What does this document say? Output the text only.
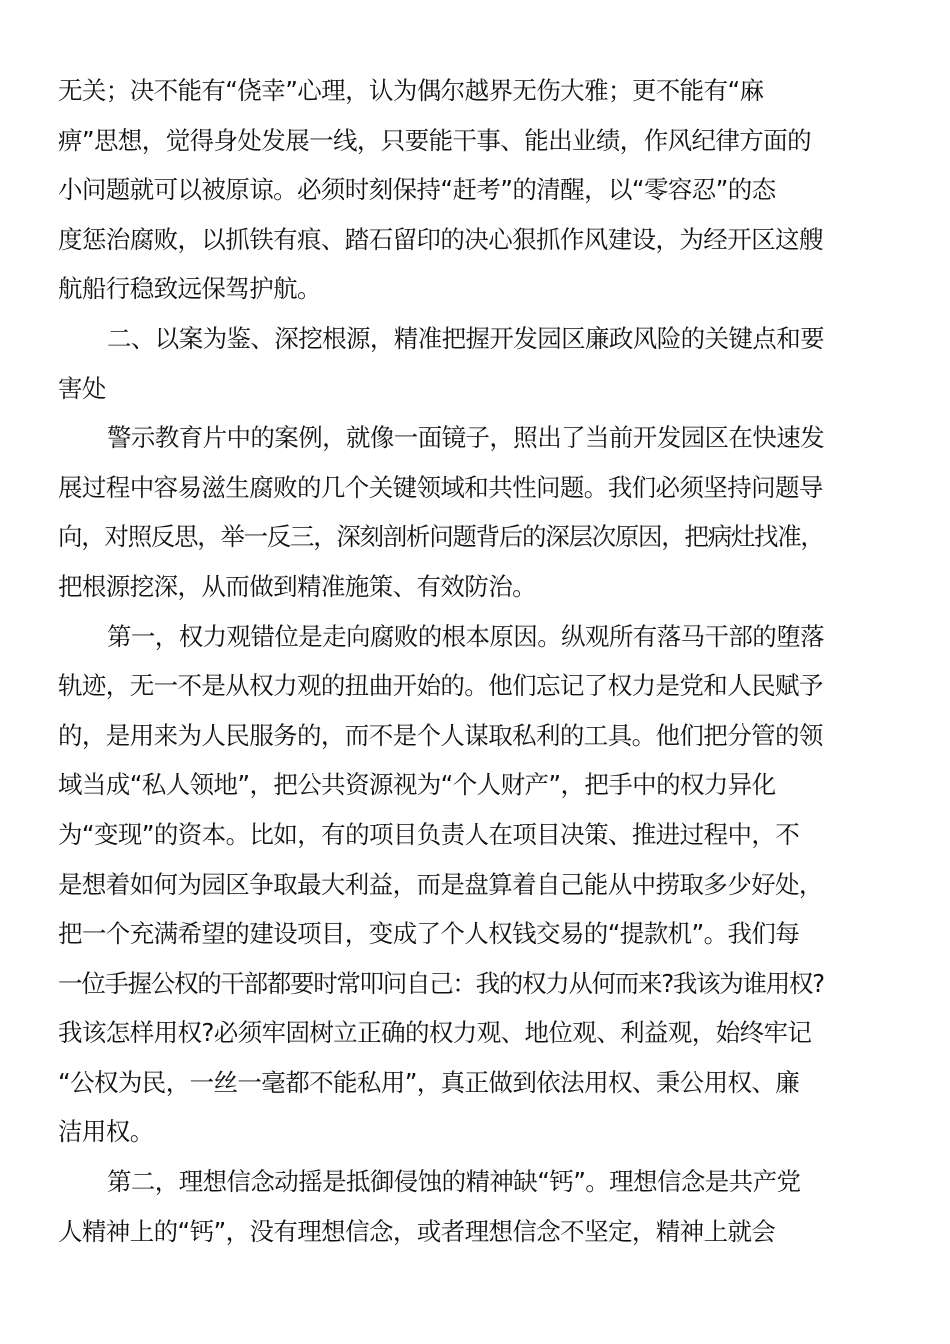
无关；决不能有“侥幸”心理，认为偶尔越界无伤大雅；更不能有“麻
痹”思想，觉得身处发展一线，只要能干事、能出业绩，作风纪律方面的
小问题就可以被原谅。必须时刻保持“赶考”的清醒，以“零容忍”的态
度惩治腐败，以抓铁有痕、踏石留印的决心狠抓作风建设，为经开区这艘
航船行稳致远保驾护航。
二、以案为鉴、深挖根源，精准把握开发园区廉政风险的关键点和要
害处
警示教育片中的案例，就像一面镜子，照出了当前开发园区在快速发
展过程中容易滋生腐败的几个关键领域和共性问题。我们必须坚持问题导
向，对照反思，举一反三，深刻剖析问题背后的深层次原因，把病灶找准，
把根源挖深，从而做到精准施策、有效防治。
第一，权力观错位是走向腐败的根本原因。纵观所有落马干部的堕落
轨迹，无一不是从权力观的扭曲开始的。他们忘记了权力是党和人民赋予
的，是用来为人民服务的，而不是个人谋取私利的工具。他们把分管的领
域当成“私人领地”，把公共资源视为“个人财产”，把手中的权力异化
为“变现”的资本。比如，有的项目负责人在项目决策、推进过程中，不
是想着如何为园区争取最大利益，而是盘算着自己能从中捞取多少好处，
把一个充满希望的建设项目，变成了个人权钱交易的“提款机”。我们每
一位手握公权的干部都要时常叩问自己：我的权力从何而来?我该为谁用权?
我该怎样用权?必须牢固树立正确的权力观、地位观、利益观，始终牢记
“公权为民，一丝一毫都不能私用”，真正做到依法用权、秉公用权、廉
洁用权。
第二，理想信念动摇是抵御侵蚀的精神缺“钙”。理想信念是共产党
人精神上的“钙”，没有理想信念，或者理想信念不坚定，精神上就会
